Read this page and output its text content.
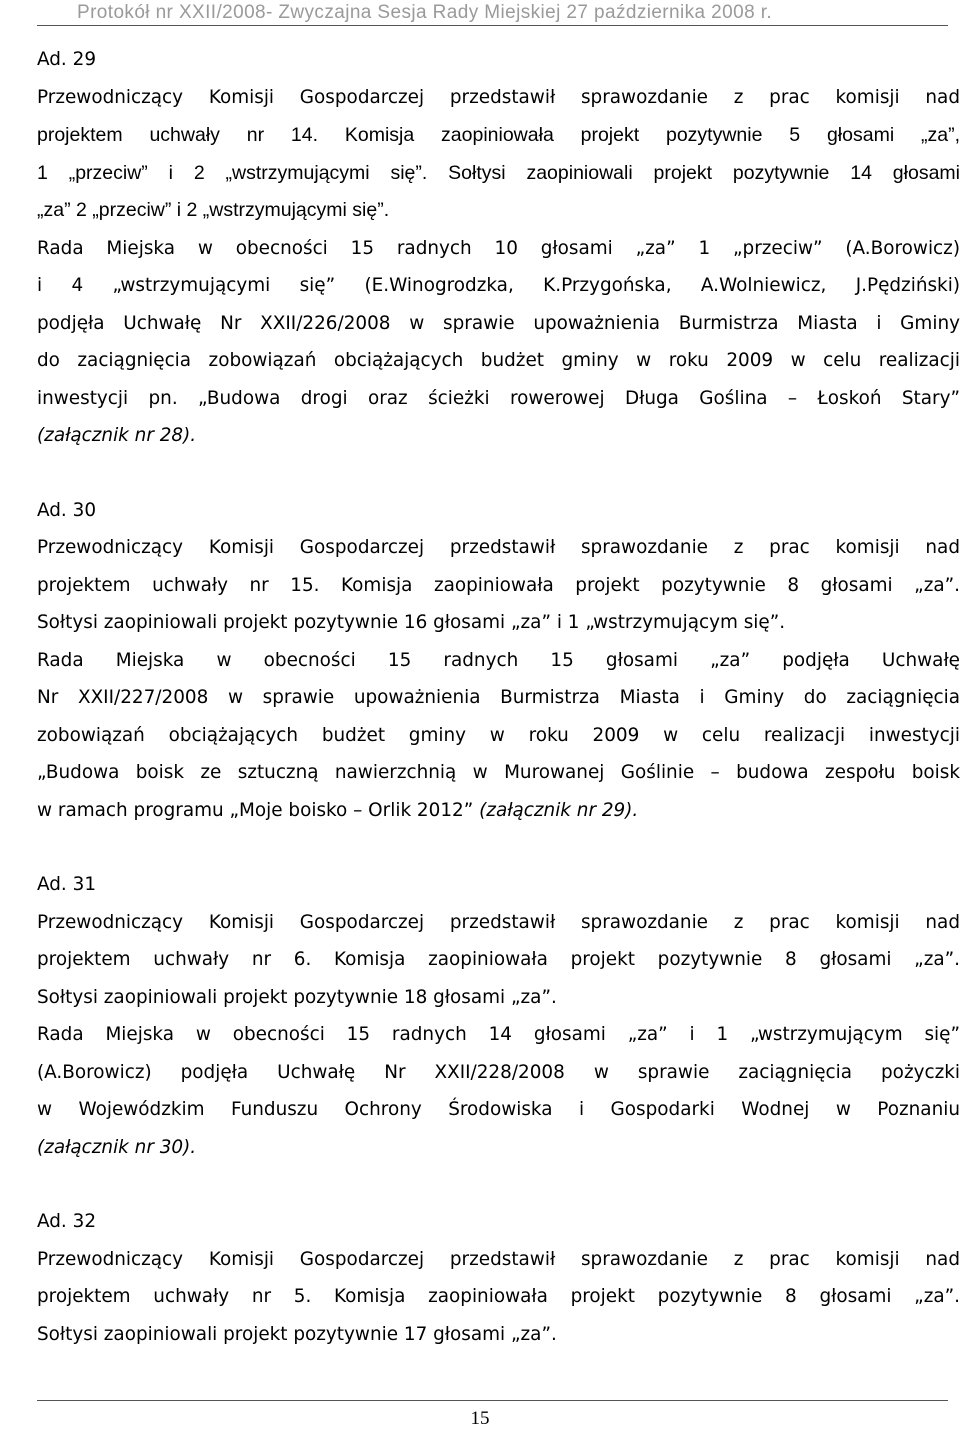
Protokół nr XXII/2008- Zwyczajna Sesja Rady Miejskiej 27 października 2008 r.
Ad. 29
Przewodniczący Komisji Gospodarczej przedstawił sprawozdanie z prac komisji nad
projektem uchwały nr 14. Komisja zaopiniowała projekt pozytywnie 5 głosami „za”,
1 „przeciw” i 2 „wstrzymującymi się”. Sołtysi zaopiniowali projekt pozytywnie 14 głosami
„za” 2 „przeciw” i 2 „wstrzymującymi się”.
Rada Miejska w obecności 15 radnych 10 głosami „za” 1 „przeciw” (A.Borowicz)
i 4 „wstrzymującymi się” (E.Winogrodzka, K.Przygońska, A.Wolniewicz, J.Pędziński)
podjęła Uchwałę Nr XXII/226/2008 w sprawie upoważnienia Burmistrza Miasta i Gminy
do zaciągnięcia zobowiązań obciążających budżet gminy w roku 2009 w celu realizacji
inwestycji pn. „Budowa drogi oraz ścieżki rowerowej Długa Goślina – Łoskoń Stary”
(załącznik nr 28).
Ad. 30
Przewodniczący Komisji Gospodarczej przedstawił sprawozdanie z prac komisji nad
projektem uchwały nr 15. Komisja zaopiniowała projekt pozytywnie 8 głosami „za”.
Sołtysi zaopiniowali projekt pozytywnie 16 głosami „za” i 1 „wstrzymującym się”.
Rada Miejska w obecności 15 radnych 15 głosami „za” podjęła Uchwałę
Nr XXII/227/2008 w sprawie upoważnienia Burmistrza Miasta i Gminy do zaciągnięcia
zobowiązań obciążających budżet gminy w roku 2009 w celu realizacji inwestycji
„Budowa boisk ze sztuczną nawierzchnią w Murowanej Goślinie – budowa zespołu boisk
w ramach programu „Moje boisko – Orlik 2012” (załącznik nr 29).
Ad. 31
Przewodniczący Komisji Gospodarczej przedstawił sprawozdanie z prac komisji nad
projektem uchwały nr 6. Komisja zaopiniowała projekt pozytywnie 8 głosami „za”.
Sołtysi zaopiniowali projekt pozytywnie 18 głosami „za”.
Rada Miejska w obecności 15 radnych 14 głosami „za” i 1 „wstrzymującym się”
(A.Borowicz) podjęła Uchwałę Nr XXII/228/2008 w sprawie zaciągnięcia pożyczki
w Wojewódzkim Funduszu Ochrony Środowiska i Gospodarki Wodnej w Poznaniu
(załącznik nr 30).
Ad. 32
Przewodniczący Komisji Gospodarczej przedstawił sprawozdanie z prac komisji nad
projektem uchwały nr 5. Komisja zaopiniowała projekt pozytywnie 8 głosami „za”.
Sołtysi zaopiniowali projekt pozytywnie 17 głosami „za”.
15
